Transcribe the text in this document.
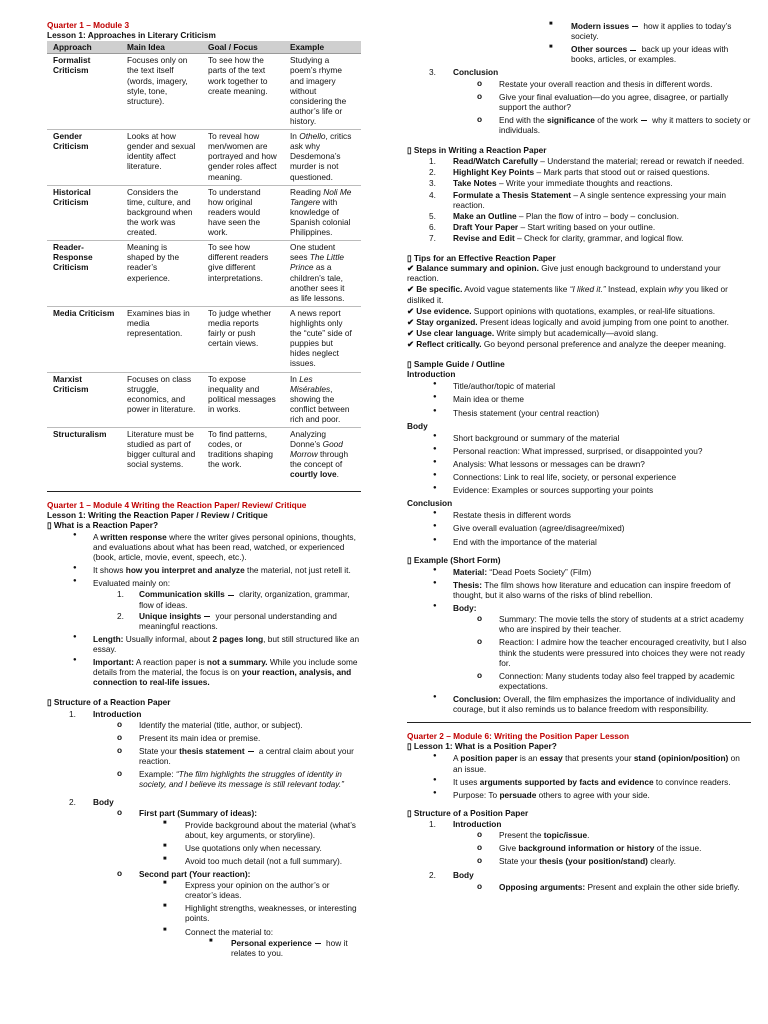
Quarter 1 – Module 3

Lesson 1: Approaches in Literary Criticism

Approach	Main Idea	Goal / Focus	Example
Formalist Criticism	Focuses only on the text itself (words, imagery, style, tone, structure).	To see how the parts of the text work together to create meaning.	Studying a poem’s rhyme and imagery without considering the author’s life or history.
Gender Criticism	Looks at how gender and sexual identity affect literature.	To reveal how men/women are portrayed and how gender roles affect meaning.	In Othello, critics ask why Desdemona’s murder is not questioned.
Historical Criticism	Considers the time, culture, and background when the work was created.	To understand how original readers would have seen the work.	Reading Noli Me Tangere with knowledge of Spanish colonial Philippines.
Reader-Response Criticism	Meaning is shaped by the reader’s experience.	To see how different readers give different interpretations.	One student sees The Little Prince as a children’s tale, another sees it as life lessons.
Media Criticism	Examines bias in media representation.	To judge whether media reports fairly or push certain views.	A news report highlights only the “cute” side of puppies but hides neglect issues.
Marxist Criticism	Focuses on class struggle, economics, and power in literature.	To expose inequality and political messages in works.	In Les Misérables, showing the conflict between rich and poor.
Structuralism	Literature must be studied as part of bigger cultural and social systems.	To find patterns, codes, or traditions shaping the work.	Analyzing Donne’s Good Morrow through the concept of courtly love.

Quarter 1 – Module 4 Writing the Reaction Paper/ Review/ Critique

Lesson 1: Writing the Reaction Paper / Review / Critique

▯ What is a Reaction Paper?

● A written response where the writer gives personal opinions, thoughts, and evaluations about what has been read, watched, or experienced (book, article, movie, event, speech, etc.).
● It shows how you interpret and analyze the material, not just retell it.
● Evaluated mainly on:
1. Communication skills clarity, organization, grammar, flow of ideas.
2. Unique insights your personal understanding and meaningful reactions.
● Length: Usually informal, about 2 pages long, but still structured like an essay.
● Important: A reaction paper is not a summary. While you include some details from the material, the focus is on your reaction, analysis, and connection to real-life issues.

▯ Structure of a Reaction Paper

1. Introduction
o Identify the material (title, author, or subject).
o Present its main idea or premise.
o State your thesis statement a central claim about your reaction.
o Example: “The film highlights the struggles of identity in society, and I believe its message is still relevant today.”
2. Body
o First part (Summary of ideas):
■ Provide background about the material (what’s about, key arguments, or storyline).
■ Use quotations only when necessary.
■ Avoid too much detail (not a full summary).
o Second part (Your reaction):
■ Express your opinion on the author’s or creator’s ideas.
■ Highlight strengths, weaknesses, or interesting points.
■ Connect the material to:
■ Personal experience how it relates to you.
■ Modern issues how it applies to today’s society.
■ Other sources back up your ideas with books, articles, or examples.
3. Conclusion
o Restate your overall reaction and thesis in different words.
o Give your final evaluation—do you agree, disagree, or partially support the author?
o End with the significance of the work why it matters to society or individuals.

▯ Steps in Writing a Reaction Paper

1. Read/Watch Carefully – Understand the material; reread or rewatch if needed.
2. Highlight Key Points – Mark parts that stood out or raised questions.
3. Take Notes – Write your immediate thoughts and reactions.
4. Formulate a Thesis Statement – A single sentence expressing your main reaction.
5. Make an Outline – Plan the flow of intro – body – conclusion.
6. Draft Your Paper – Start writing based on your outline.
7. Revise and Edit – Check for clarity, grammar, and logical flow.

▯ Tips for an Effective Reaction Paper

✔ Balance summary and opinion. Give just enough background to understand your reaction.

✔ Be specific. Avoid vague statements like “I liked it.” Instead, explain why you liked or disliked it.

✔ Use evidence. Support opinions with quotations, examples, or real-life situations.

✔ Stay organized. Present ideas logically and avoid jumping from one point to another.

✔ Use clear language. Write simply but academically—avoid slang.

✔ Reflect critically. Go beyond personal preference and analyze the deeper meaning.

▯ Sample Guide / Outline

Introduction

● Title/author/topic of material
● Main idea or theme
● Thesis statement (your central reaction)

Body

● Short background or summary of the material
● Personal reaction: What impressed, surprised, or disappointed you?
● Analysis: What lessons or messages can be drawn?
● Connections: Link to real life, society, or personal experience
● Evidence: Examples or sources supporting your points

Conclusion

● Restate thesis in different words
● Give overall evaluation (agree/disagree/mixed)
● End with the importance of the material

▯ Example (Short Form)

● Material: “Dead Poets Society” (Film)
● Thesis: The film shows how literature and education can inspire freedom of thought, but it also warns of the risks of blind rebellion.
● Body:
o Summary: The movie tells the story of students at a strict academy who are inspired by their teacher.
o Reaction: I admire how the teacher encouraged creativity, but I also think the students were pressured into choices they were not ready for.
o Connection: Many students today also feel trapped by academic expectations.
● Conclusion: Overall, the film emphasizes the importance of individuality and courage, but it also reminds us to balance freedom with responsibility.

Quarter 2 – Module 6: Writing the Position Paper Lesson

▯ Lesson 1: What is a Position Paper?

● A position paper is an essay that presents your stand (opinion/position) on an issue.
● It uses arguments supported by facts and evidence to convince readers.
● Purpose: To persuade others to agree with your side.

▯ Structure of a Position Paper

1. Introduction
o Present the topic/issue.
o Give background information or history of the issue.
o State your thesis (your position/stand) clearly.
2. Body
o Opposing arguments: Present and explain the other side briefly.
